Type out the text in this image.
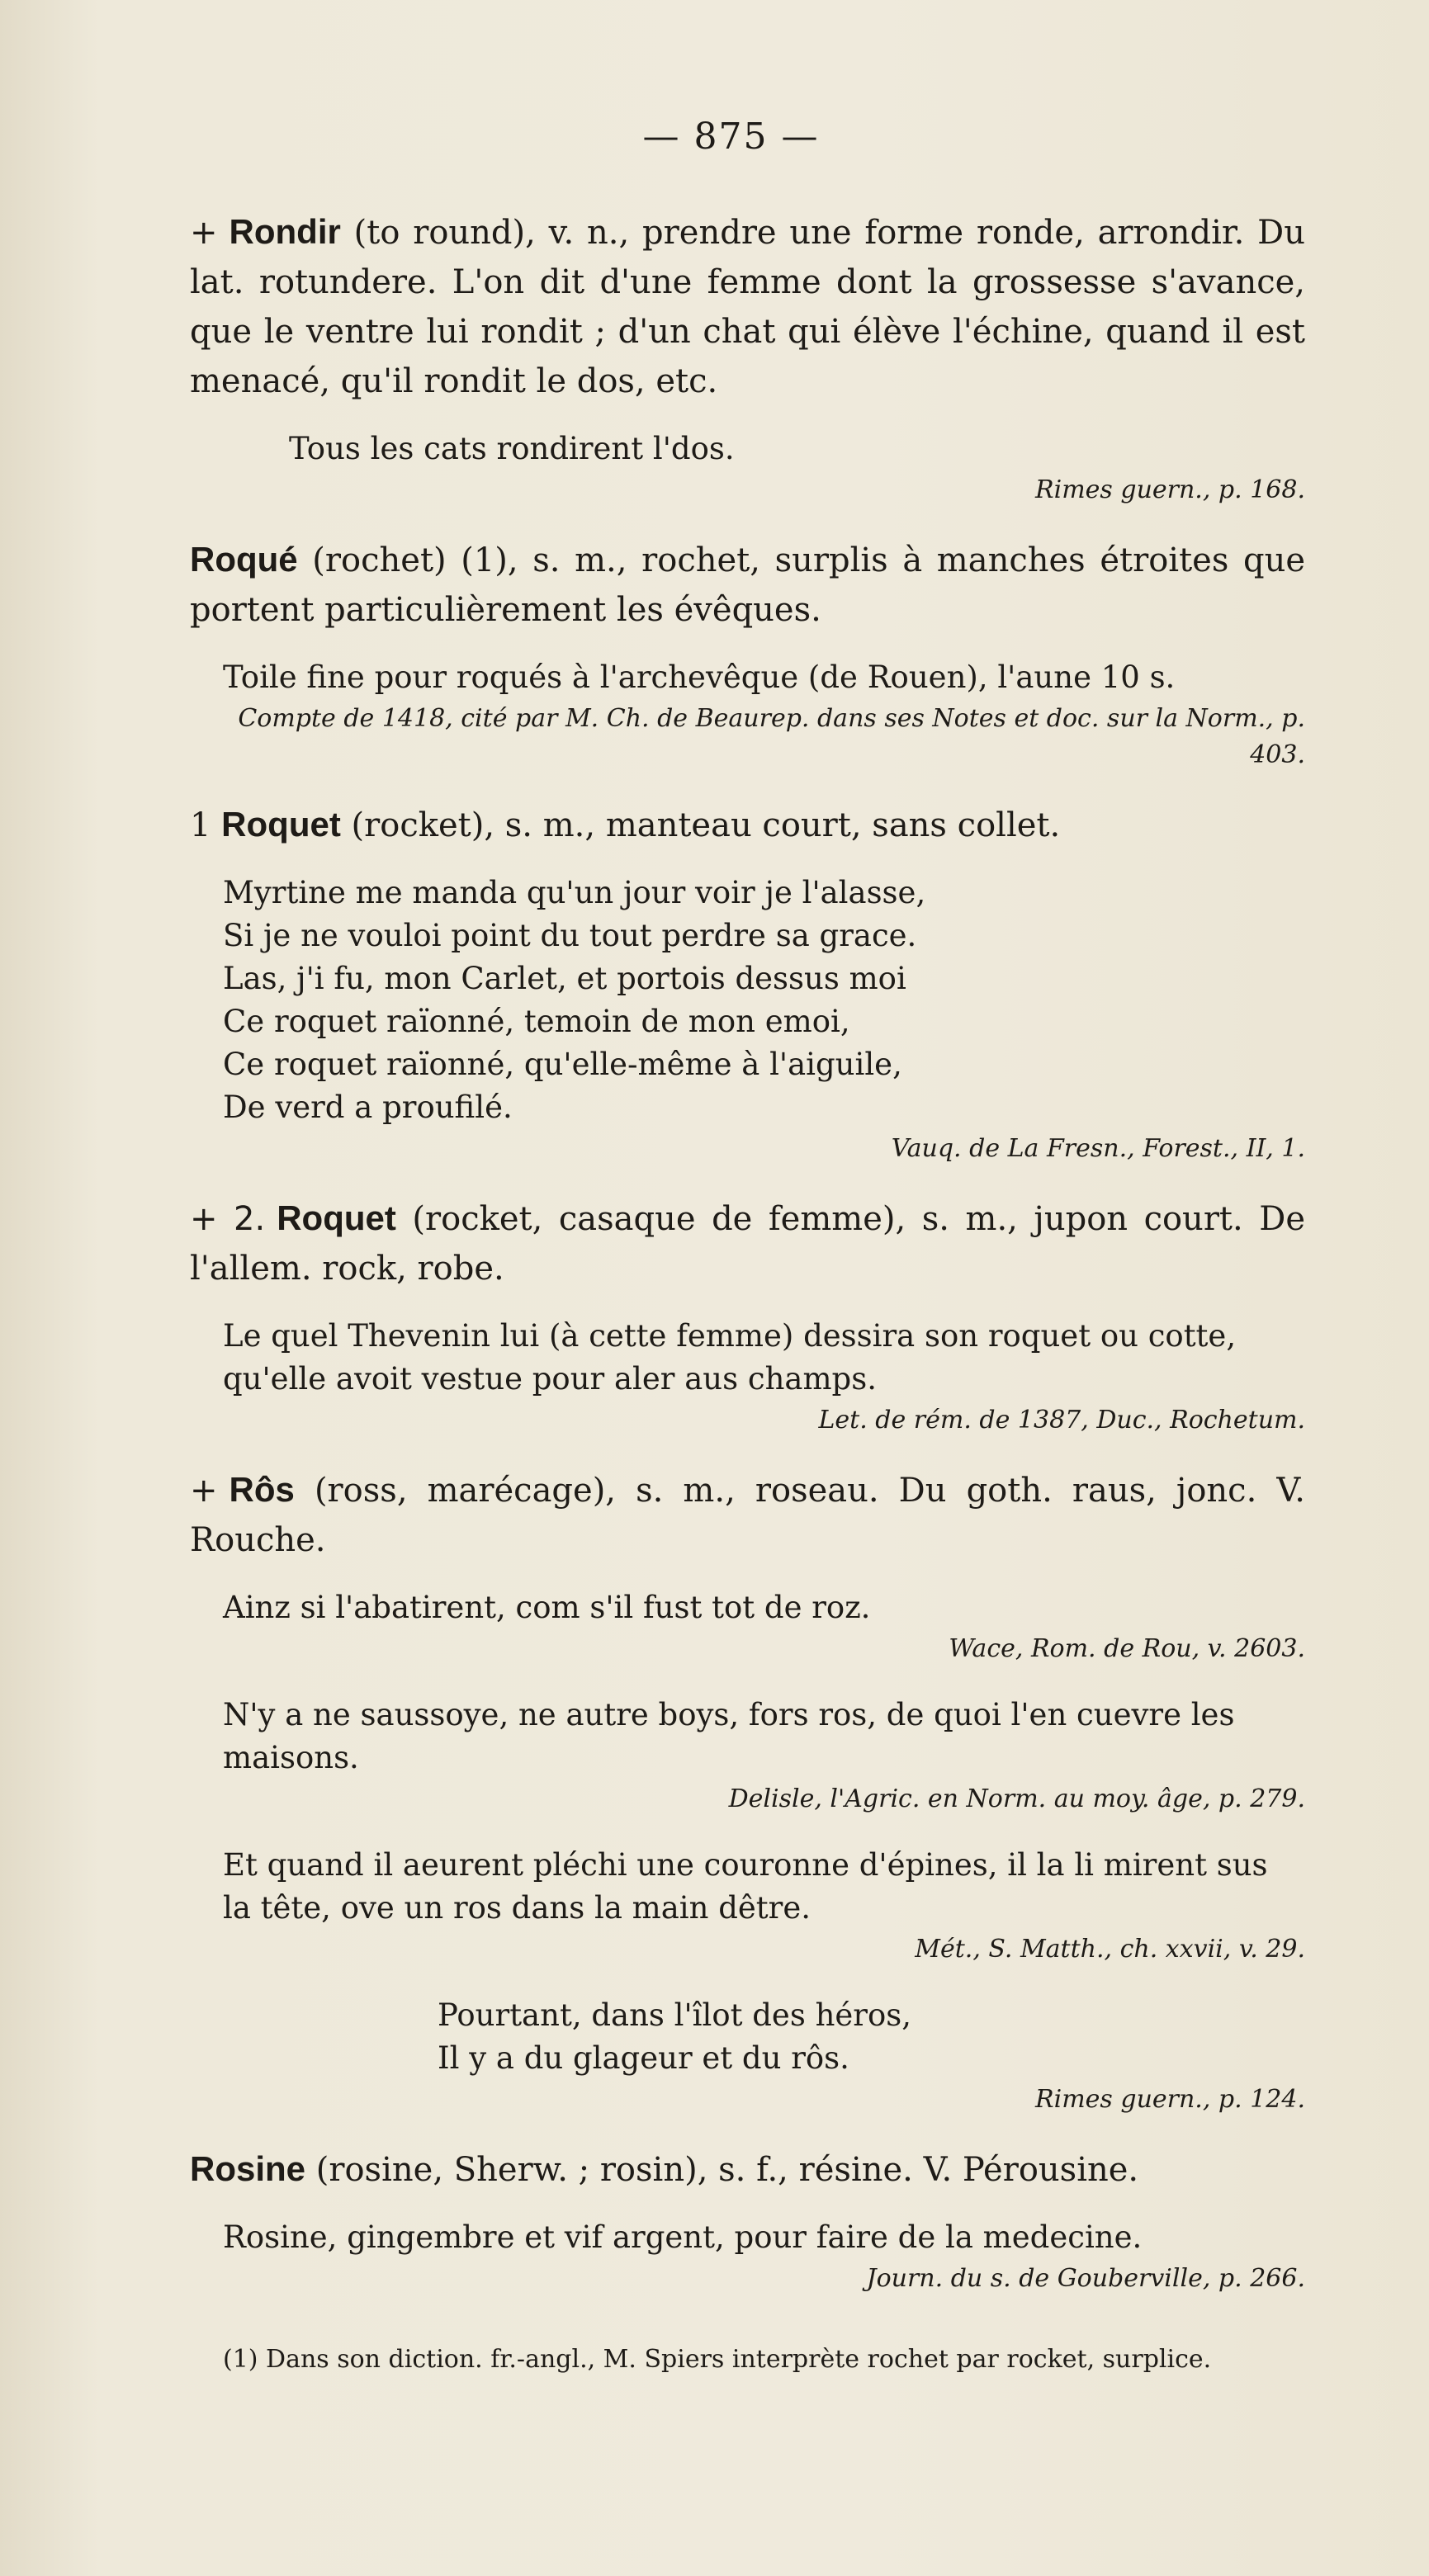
— 875 —

+ Rondir (to round), v. n., prendre une forme ronde, arrondir. Du lat. rotundere. L'on dit d'une femme dont la grossesse s'avance, que le ventre lui rondit ; d'un chat qui élève l'échine, quand il est menacé, qu'il rondit le dos, etc.

Tous les cats rondirent l'dos.
Rimes guern., p. 168.

Roqué (rochet) (1), s. m., rochet, surplis à manches étroites que portent particulièrement les évêques.

Toile fine pour roqués à l'archevêque (de Rouen), l'aune 10 s.
Compte de 1418, cité par M. Ch. de Beaurep. dans ses Notes et doc. sur la Norm., p. 403.

1 Roquet (rocket), s. m., manteau court, sans collet.

Myrtine me manda qu'un jour voir je l'alasse,
Si je ne vouloi point du tout perdre sa grace.
Las, j'i fu, mon Carlet, et portois dessus moi
Ce roquet raïonné, temoin de mon emoi,
Ce roquet raïonné, qu'elle-même à l'aiguile,
De verd a proufilé.
Vauq. de La Fresn., Forest., II, 1.

+ 2. Roquet (rocket, casaque de femme), s. m., jupon court. De l'allem. rock, robe.

Le quel Thevenin lui (à cette femme) dessira son roquet ou cotte, qu'elle avoit vestue pour aler aus champs.
Let. de rém. de 1387, Duc., Rochetum.

+ Rôs (ross, marécage), s. m., roseau. Du goth. raus, jonc. V. Rouche.

Ainz si l'abatirent, com s'il fust tot de roz.
Wace, Rom. de Rou, v. 2603.
N'y a ne saussoye, ne autre boys, fors ros, de quoi l'en cuevre les maisons.
Delisle, l'Agric. en Norm. au moy. âge, p. 279.
Et quand il aeurent pléchi une couronne d'épines, il la li mirent sus la tête, ove un ros dans la main dêtre.
Mét., S. Matth., ch. xxvii, v. 29.
Pourtant, dans l'îlot des héros,
Il y a du glageur et du rôs.
Rimes guern., p. 124.

Rosine (rosine, Sherw. ; rosin), s. f., résine. V. Pérousine.

Rosine, gingembre et vif argent, pour faire de la medecine.
Journ. du s. de Gouberville, p. 266.
(1) Dans son diction. fr.-angl., M. Spiers interprète rochet par rocket, surplice.
